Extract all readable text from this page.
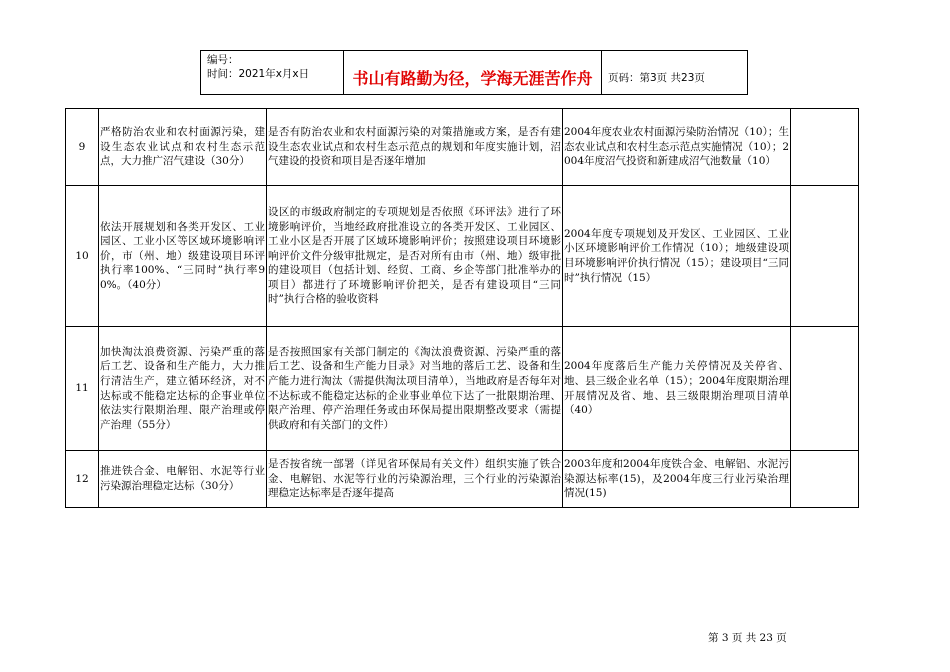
编号：
时间：2021年x月x日	书山有路勤为径，学海无涯苦作舟	页码：第3页 共23页
9	严格防治农业和农村面源污染，建设生态农业试点和农村生态示范点，大力推广沼气建设（30分）	是否有防治农业和农村面源污染的对策措施或方案，是否有建设生态农业试点和农村生态示范点的规划和年度实施计划，沼气建设的投资和项目是否逐年增加	2004年度农业农村面源污染防治情况（10）；生态农业试点和农村生态示范点实施情况（10）；2004年度沼气投资和新建成沼气池数量（10）	
10	依法开展规划和各类开发区、工业园区、工业小区等区域环境影响评价，市（州、地）级建设项目环评执行率100%、“三同时”执行率90%。（40分）	设区的市级政府制定的专项规划是否依照《环评法》进行了环境影响评价，当地经政府批准设立的各类开发区、工业园区、工业小区是否开展了区域环境影响评价；按照建设项目环境影响评价文件分级审批规定，是否对所有由市（州、地）级审批的建设项目（包括计划、经贸、工商、乡企等部门批准举办的项目）都进行了环境影响评价把关，是否有建设项目“三同时”执行合格的验收资料	2004年度专项规划及开发区、工业园区、工业小区环境影响评价工作情况（10）；地级建设项目环境影响评价执行情况（15）；建设项目“三同时”执行情况（15）	
11	加快淘汰浪费资源、污染严重的落后工艺、设备和生产能力，大力推行清洁生产，建立循环经济，对不达标或不能稳定达标的企事业单位依法实行限期治理、限产治理或停产治理（55分）	是否按照国家有关部门制定的《淘汰浪费资源、污染严重的落后工艺、设备和生产能力目录》对当地的落后工艺、设备和生产能力进行淘汰（需提供淘汰项目清单），当地政府是否每年对不达标或不能稳定达标的企业事业单位下达了一批限期治理、限产治理、停产治理任务或由环保局提出限期整改要求（需提供政府和有关部门的文件）	2004年度落后生产能力关停情况及关停省、地、县三级企业名单（15）；2004年度限期治理开展情况及省、地、县三级限期治理项目清单（40）	
12	推进铁合金、电解铝、水泥等行业污染源治理稳定达标（30分）	是否按省统一部署（详见省环保局有关文件）组织实施了铁合金、电解铝、水泥等行业的污染源治理，三个行业的污染源治理稳定达标率是否逐年提高	2003年度和2004年度铁合金、电解铝、水泥污染源达标率(15)，及2004年度三行业污染治理情况(15)	
第 3 页 共 23 页
